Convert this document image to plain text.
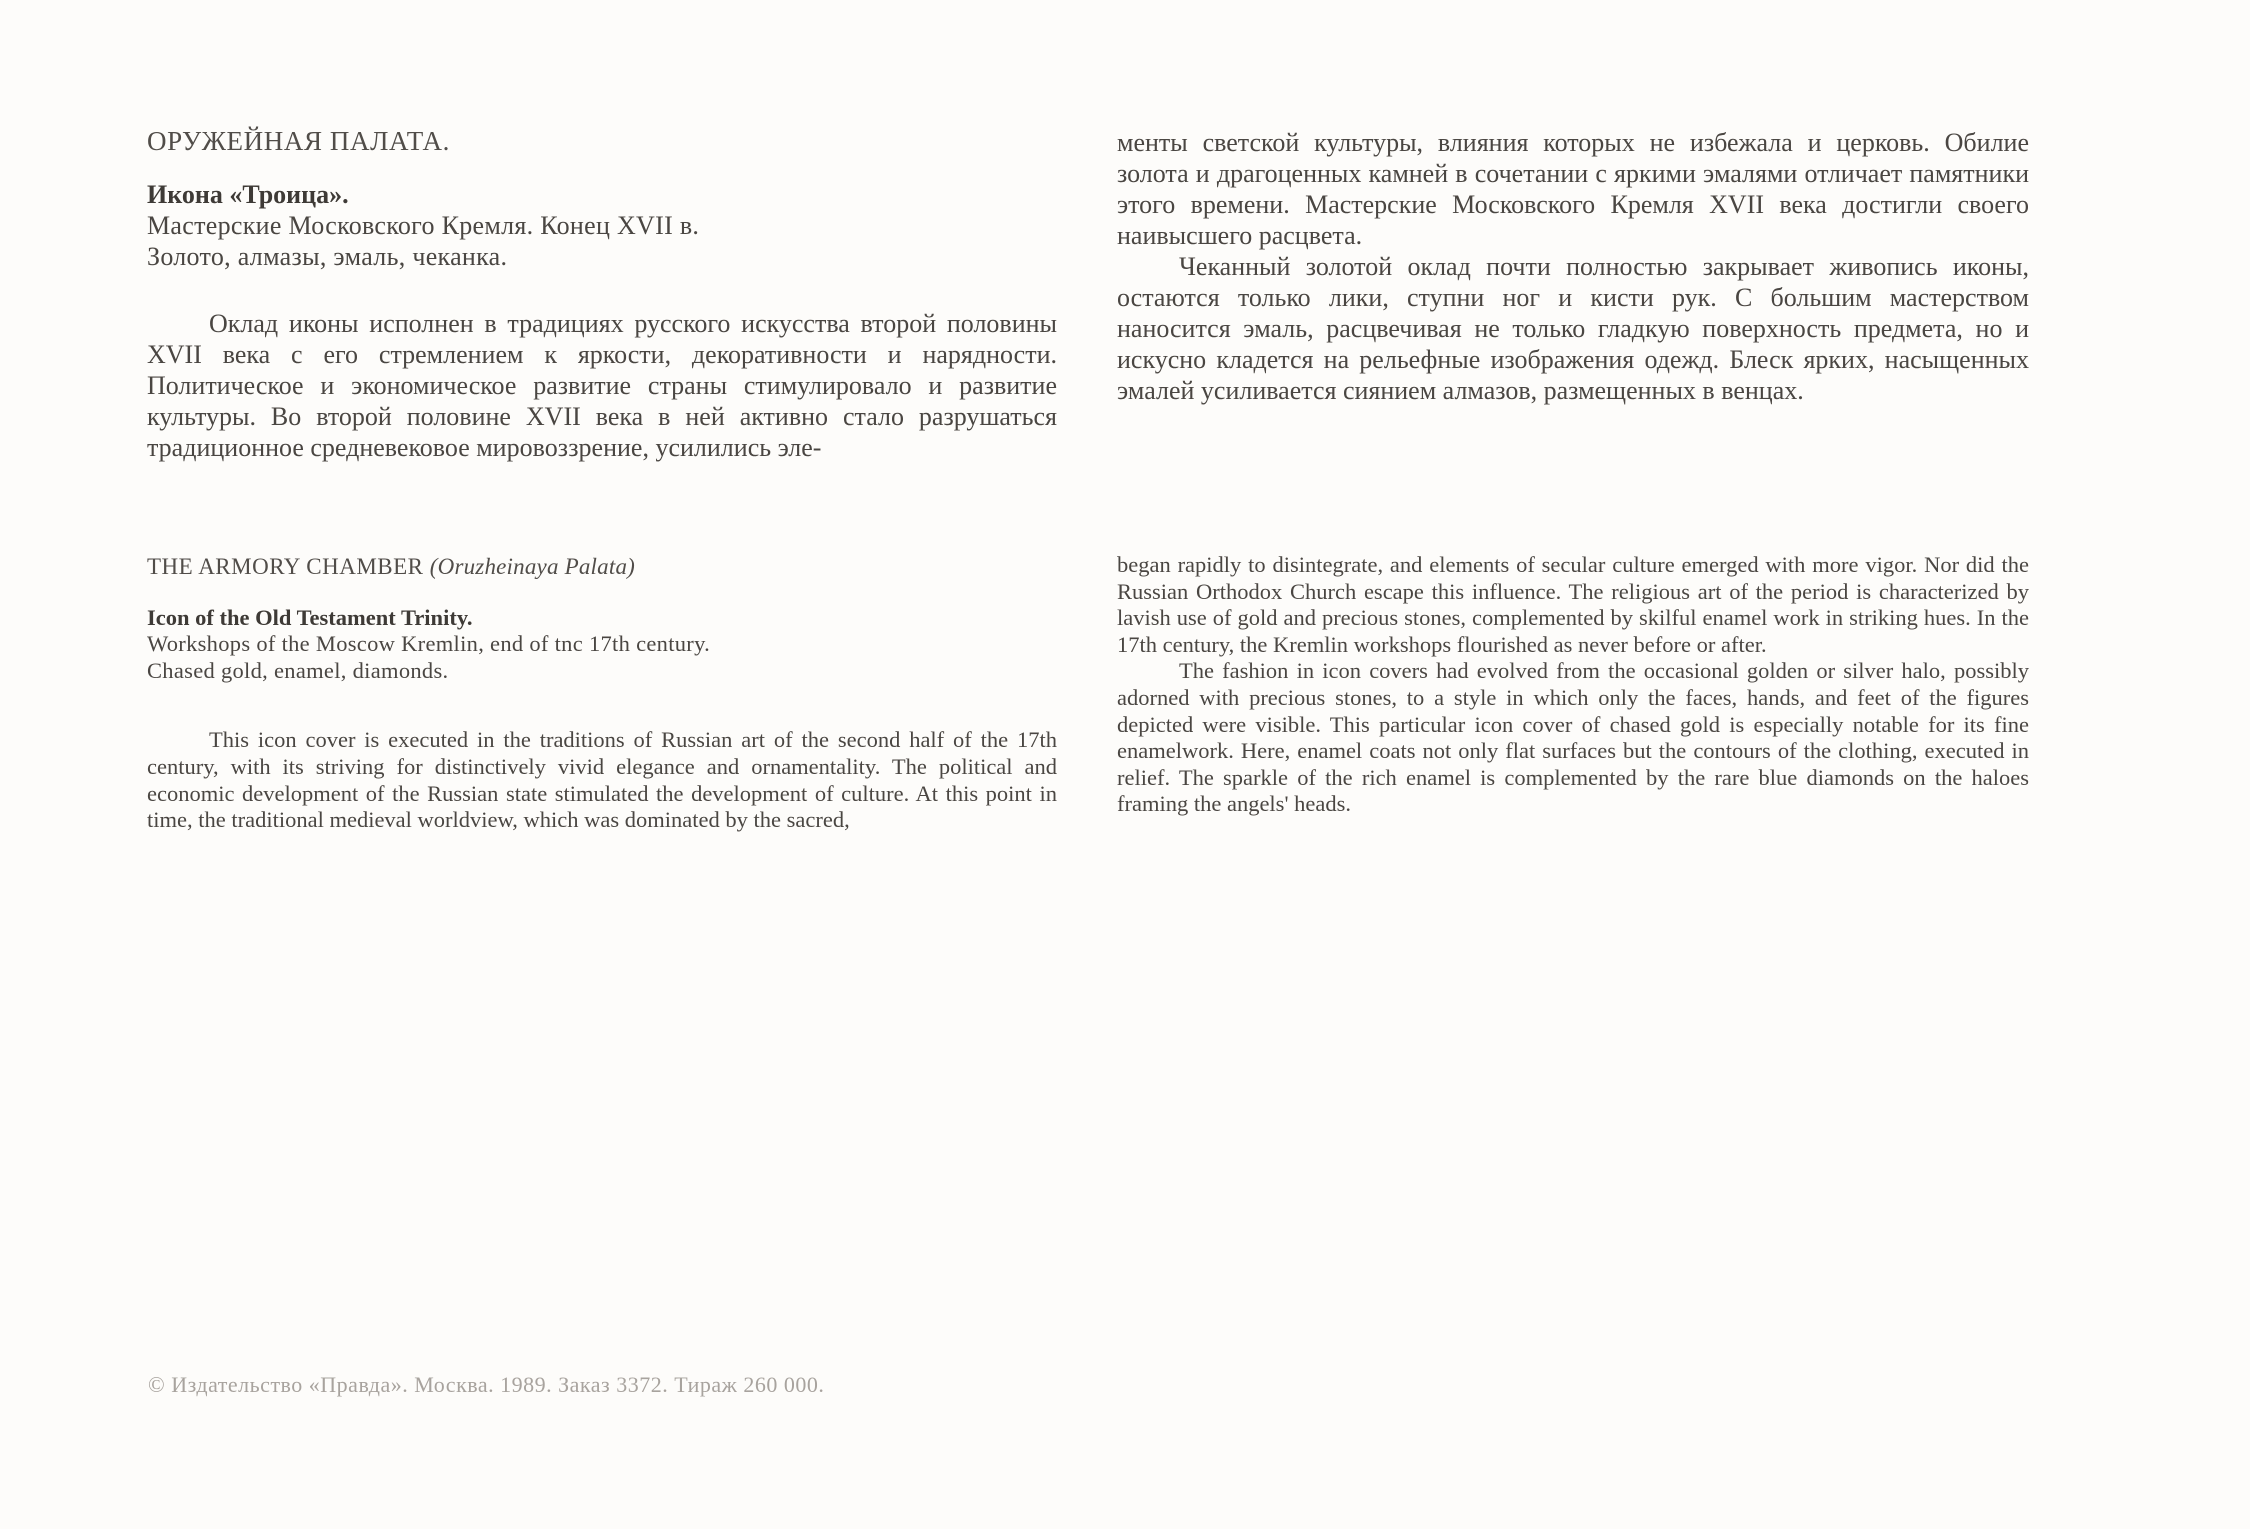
ОРУЖЕЙНАЯ ПАЛАТА.

Икона «Троица».

Мастерские Московского Кремля. Конец XVII в.

Золото, алмазы, эмаль, чеканка.

Оклад иконы исполнен в традициях русского искусства второй половины XVII века с его стремлением к яркости, декоративности и нарядности. Политическое и экономическое развитие страны стимулировало и развитие культуры. Во второй половине XVII века в ней активно стало разрушаться традиционное средневековое мировоззрение, усилились эле-

менты светской культуры, влияния которых не избежала и церковь. Обилие золота и драгоценных камней в сочетании с яркими эмалями отличает памятники этого времени. Мастерские Московского Кремля XVII века достигли своего наивысшего расцвета.

Чеканный золотой оклад почти полностью закрывает живопись иконы, остаются только лики, ступни ног и кисти рук. С большим мастерством наносится эмаль, расцвечивая не только гладкую поверхность предмета, но и искусно кладется на рельефные изображения одежд. Блеск ярких, насыщенных эмалей усиливается сиянием алмазов, размещенных в венцах.

THE ARMORY CHAMBER (Oruzheinaya Palata)

Icon of the Old Testament Trinity.

Workshops of the Moscow Kremlin, end of tnc 17th century.

Chased gold, enamel, diamonds.

This icon cover is executed in the traditions of Russian art of the second half of the 17th century, with its striving for distinctively vivid elegance and ornamentality. The political and economic development of the Russian state stimulated the development of culture. At this point in time, the traditional medieval worldview, which was dominated by the sacred,

began rapidly to disintegrate, and elements of secular culture emerged with more vigor. Nor did the Russian Orthodox Church escape this influence. The religious art of the period is characterized by lavish use of gold and precious stones, complemented by skilful enamel work in striking hues. In the 17th century, the Kremlin workshops flourished as never before or after.

The fashion in icon covers had evolved from the occasional golden or silver halo, possibly adorned with precious stones, to a style in which only the faces, hands, and feet of the figures depicted were visible. This particular icon cover of chased gold is especially notable for its fine enamelwork. Here, enamel coats not only flat surfaces but the contours of the clothing, executed in relief. The sparkle of the rich enamel is complemented by the rare blue diamonds on the haloes framing the angels' heads.

© Издательство «Правда». Москва. 1989. Заказ 3372. Тираж 260 000.
